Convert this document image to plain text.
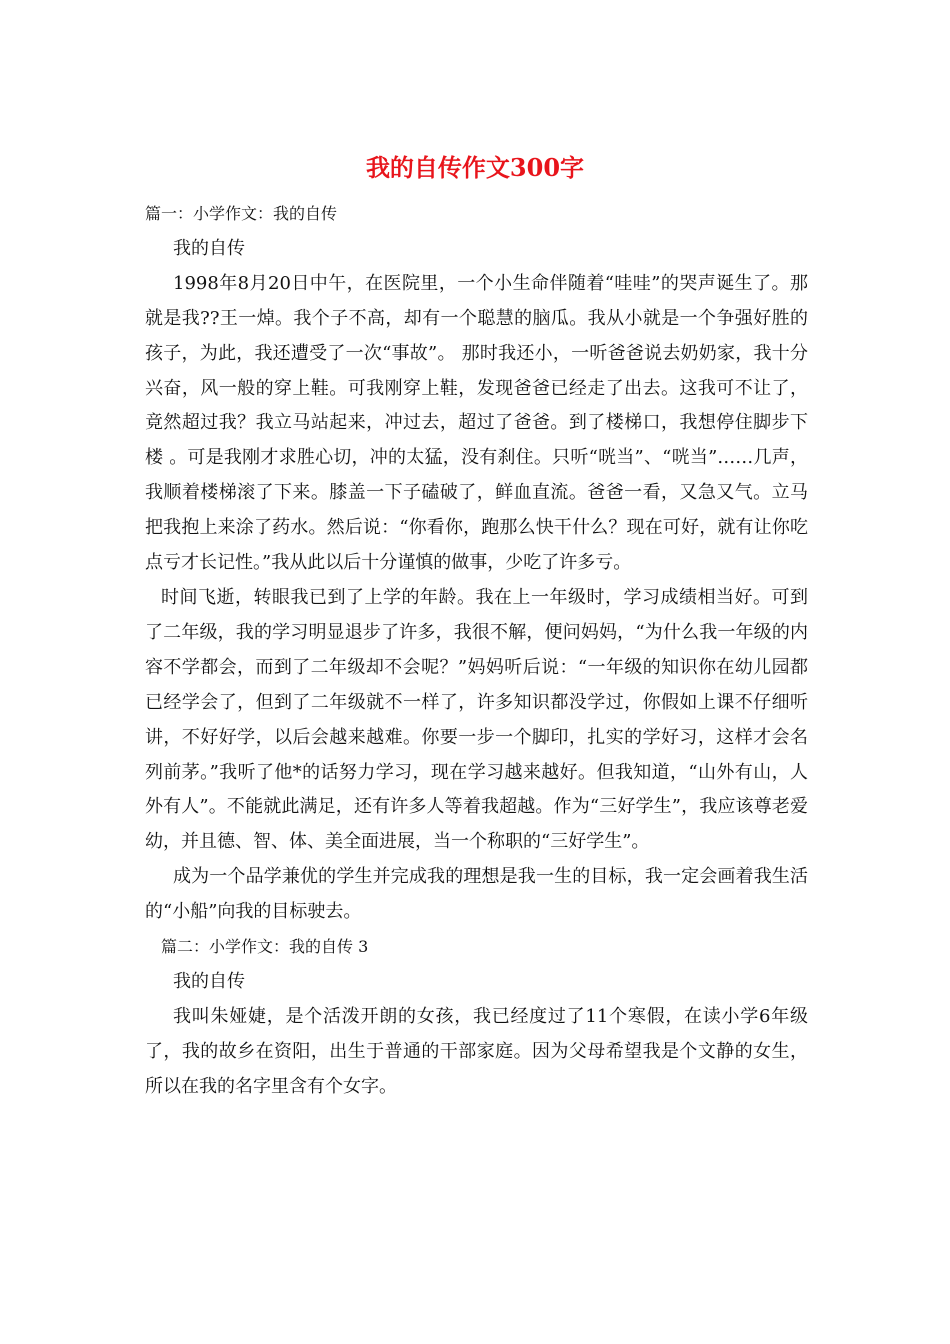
我的自传作文300字

篇一：小学作文：我的自传

我的自传

1998年8月20日中午，在医院里，一个小生命伴随着“哇哇”的哭声诞生了。那就是我??王一焯。我个子不高，却有一个聪慧的脑瓜。我从小就是一个争强好胜的孩子，为此，我还遭受了一次“事故”。 那时我还小，一听爸爸说去奶奶家，我十分兴奋，风一般的穿上鞋。可我刚穿上鞋，发现爸爸已经走了出去。这我可不让了，竟然超过我？我立马站起来，冲过去，超过了爸爸。到了楼梯口，我想停住脚步下楼 。可是我刚才求胜心切，冲的太猛，没有刹住。只听“咣当”、“咣当”……几声，我顺着楼梯滚了下来。膝盖一下子磕破了，鲜血直流。爸爸一看，又急又气。立马把我抱上来涂了药水。然后说：“你看你，跑那么快干什么？现在可好，就有让你吃点亏才长记性。”我从此以后十分谨慎的做事，少吃了许多亏。

时间飞逝，转眼我已到了上学的年龄。我在上一年级时，学习成绩相当好。可到了二年级，我的学习明显退步了许多，我很不解，便问妈妈，“为什么我一年级的内容不学都会，而到了二年级却不会呢？”妈妈听后说：“一年级的知识你在幼儿园都已经学会了，但到了二年级就不一样了，许多知识都没学过，你假如上课不仔细听讲，不好好学，以后会越来越难。你要一步一个脚印，扎实的学好习，这样才会名列前茅。”我听了他*的话努力学习，现在学习越来越好。但我知道，“山外有山，人外有人”。不能就此满足，还有许多人等着我超越。作为“三好学生”，我应该尊老爱幼，并且德、智、体、美全面进展，当一个称职的“三好学生”。

成为一个品学兼优的学生并完成我的理想是我一生的目标，我一定会画着我生活的“小船”向我的目标驶去。

篇二：小学作文：我的自传 3

我的自传

我叫朱娅婕，是个活泼开朗的女孩，我已经度过了11个寒假，在读小学6年级了，我的故乡在资阳，出生于普通的干部家庭。因为父母希望我是个文静的女生，所以在我的名字里含有个女字。
